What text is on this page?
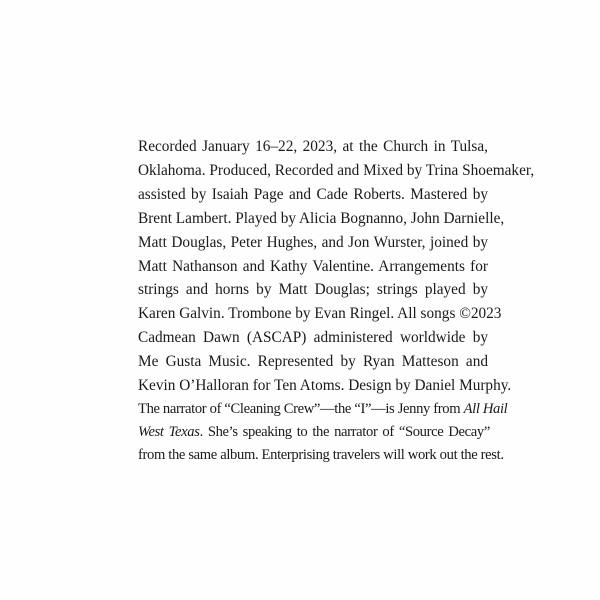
Recorded January 16–22, 2023, at the Church in Tulsa,
Oklahoma. Produced, Recorded and Mixed by Trina Shoemaker,
assisted by Isaiah Page and Cade Roberts. Mastered by
Brent Lambert. Played by Alicia Bognanno, John Darnielle,
Matt Douglas, Peter Hughes, and Jon Wurster, joined by
Matt Nathanson and Kathy Valentine. Arrangements for
strings and horns by Matt Douglas; strings played by
Karen Galvin. Trombone by Evan Ringel. All songs ©2023
Cadmean Dawn (ASCAP) administered worldwide by
Me Gusta Music. Represented by Ryan Matteson and
Kevin O’Halloran for Ten Atoms. Design by Daniel Murphy.
The narrator of “Cleaning Crew”—the “I”—is Jenny from All Hail
West Texas. She’s speaking to the narrator of “Source Decay”
from the same album. Enterprising travelers will work out the rest.
